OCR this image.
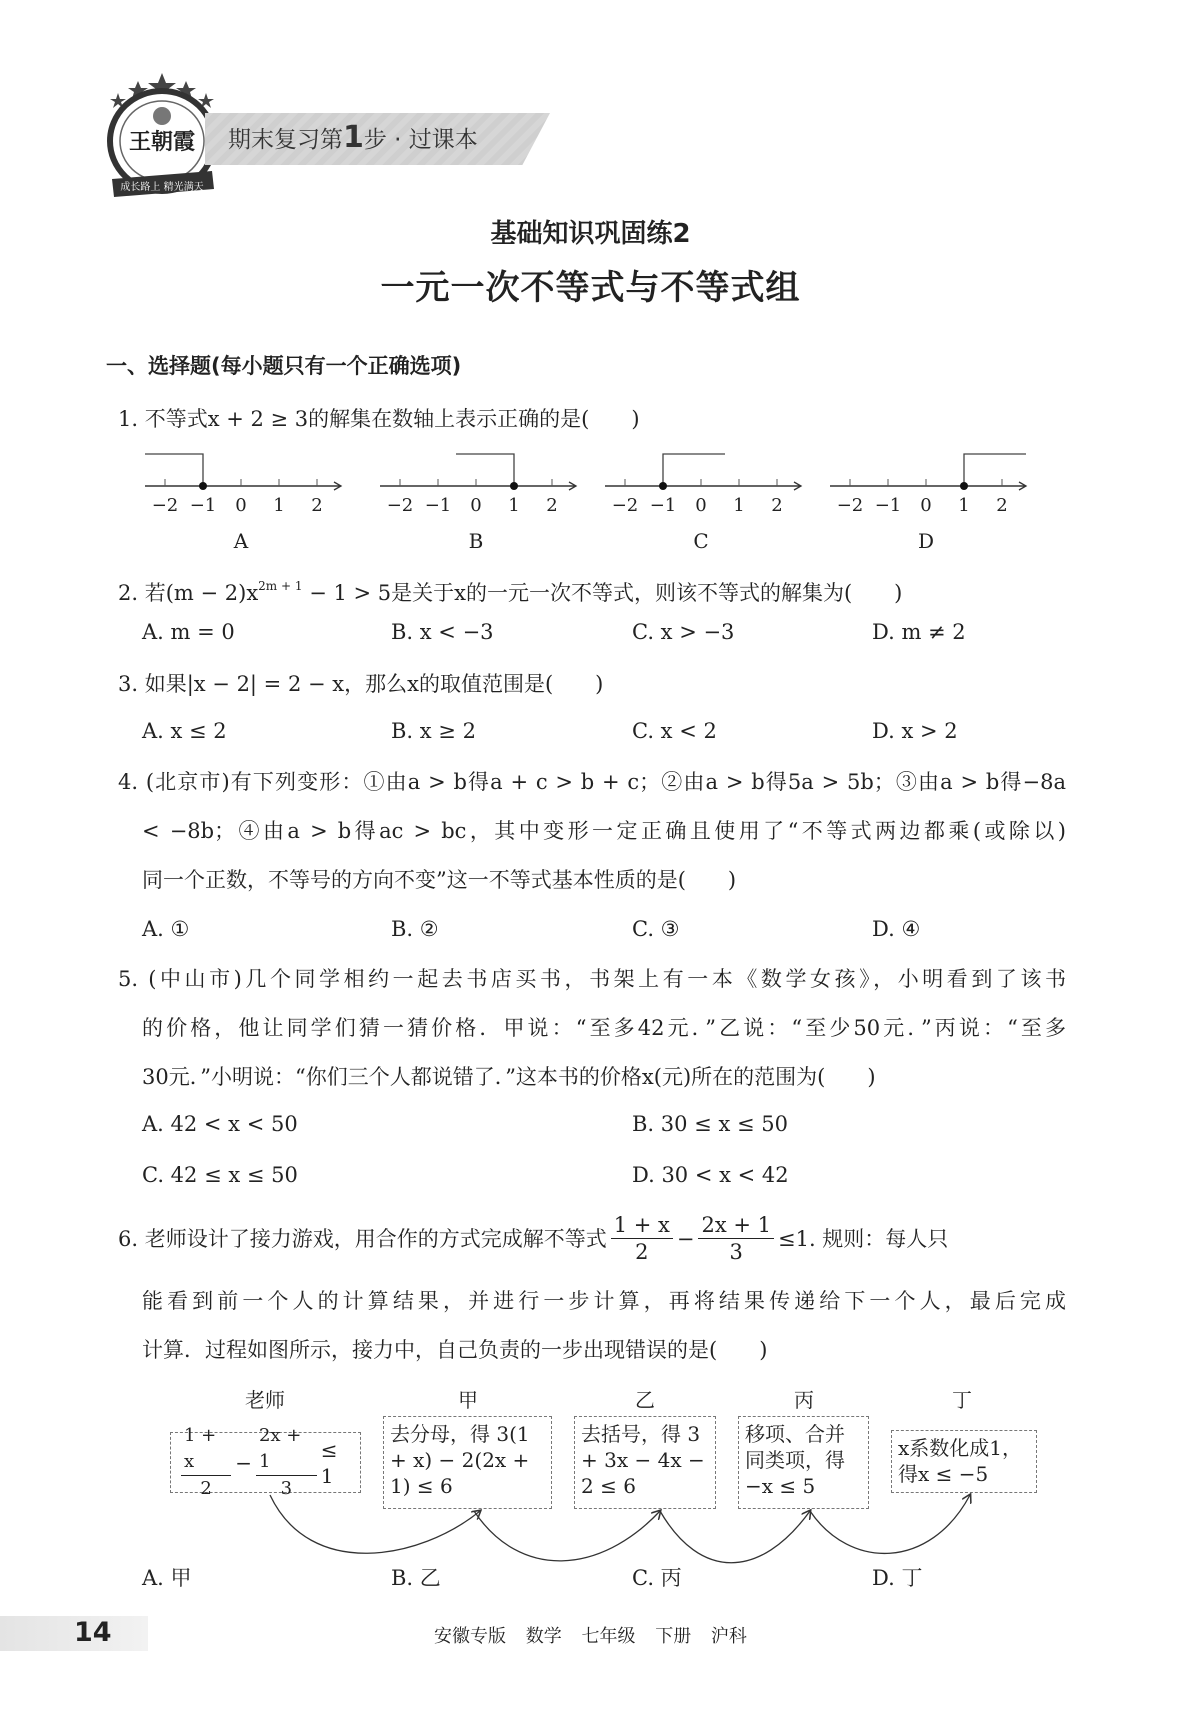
王朝霞
成长路上 精光满天
期末复习第1步 · 过课本
基础知识巩固练2
一元一次不等式与不等式组
一、选择题(每小题只有一个正确选项)
1. 不等式x + 2 ≥ 3的解集在数轴上表示正确的是(　　)
−2 −1 0 1 2
A
−2 −1 0 1 2
B
−2 −1 0 1 2
C
−2 −1 0 1 2
D
2. 若$(m - 2)x^{2m + 1} - 1 > 5$是关于x的一元一次不等式，则该不等式的解集为(　　)
A. m = 0	B. x < −3	C. x > −3	D. m ≠ 2
3. 如果|x − 2| = 2 − x，那么x的取值范围是(　　)
A. x ≤ 2	B. x ≥ 2	C. x < 2	D. x > 2
4. (北京市)有下列变形：①由a > b得a + c > b + c；②由a > b得5a > 5b；③由a > b得−8a
< −8b；④由a > b得ac > bc，其中变形一定正确且使用了“不等式两边都乘(或除以)
同一个正数，不等号的方向不变”这一不等式基本性质的是(　　)
A. ①	B. ②	C. ③	D. ④
5. (中山市)几个同学相约一起去书店买书，书架上有一本《数学女孩》，小明看到了该书
的价格，他让同学们猜一猜价格．甲说：“至多42元．”乙说：“至少50元．”丙说：“至多
30元．”小明说：“你们三个人都说错了．”这本书的价格x(元)所在的范围为(　　)
A. 42 < x < 50	B. 30 ≤ x ≤ 50
C. 42 ≤ x ≤ 50	D. 30 < x < 42
6. 老师设计了接力游戏，用合作的方式完成解不等式 $\frac{1 + x}{2} - \frac{2x + 1}{3} \le 1$. 规则：每人只
能看到前一个人的计算结果，并进行一步计算，再将结果传递给下一个人，最后完成
计算．过程如图所示，接力中，自己负责的一步出现错误的是(　　)
老师	甲	乙	丙	丁
$\frac{1 + x}{2} - \frac{2x + 1}{3} \le 1$
去分母，得 3(1 + x) − 2(2x + 1) ≤ 6
去括号，得 3 + 3x − 4x − 2 ≤ 6
移项、合并同类项，得 −x ≤ 5
x系数化成1，得x ≤ −5
A. 甲	B. 乙	C. 丙	D. 丁
14	安徽专版 数学 七年级 下册 沪科
